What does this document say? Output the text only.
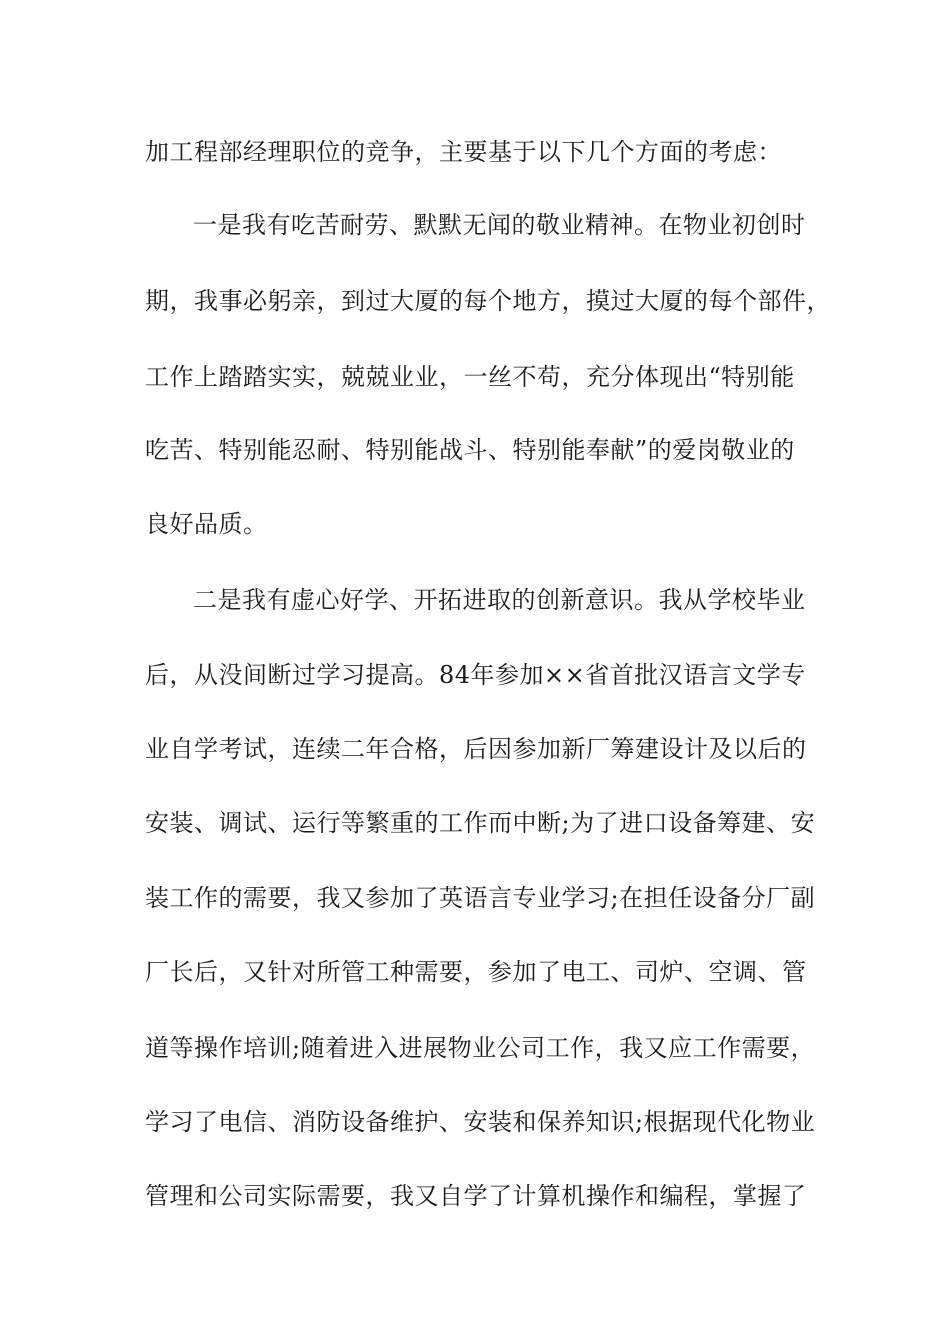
加工程部经理职位的竞争，主要基于以下几个方面的考虑：
一是我有吃苦耐劳、默默无闻的敬业精神。在物业初创时
期，我事必躬亲，到过大厦的每个地方，摸过大厦的每个部件，
工作上踏踏实实，兢兢业业，一丝不苟，充分体现出“特别能
吃苦、特别能忍耐、特别能战斗、特别能奉献”的爱岗敬业的
良好品质。
二是我有虚心好学、开拓进取的创新意识。我从学校毕业
后，从没间断过学习提高。84年参加××省首批汉语言文学专
业自学考试，连续二年合格，后因参加新厂筹建设计及以后的
安装、调试、运行等繁重的工作而中断;为了进口设备筹建、安
装工作的需要，我又参加了英语言专业学习;在担任设备分厂副
厂长后，又针对所管工种需要，参加了电工、司炉、空调、管
道等操作培训;随着进入进展物业公司工作，我又应工作需要，
学习了电信、消防设备维护、安装和保养知识;根据现代化物业
管理和公司实际需要，我又自学了计算机操作和编程，掌握了
